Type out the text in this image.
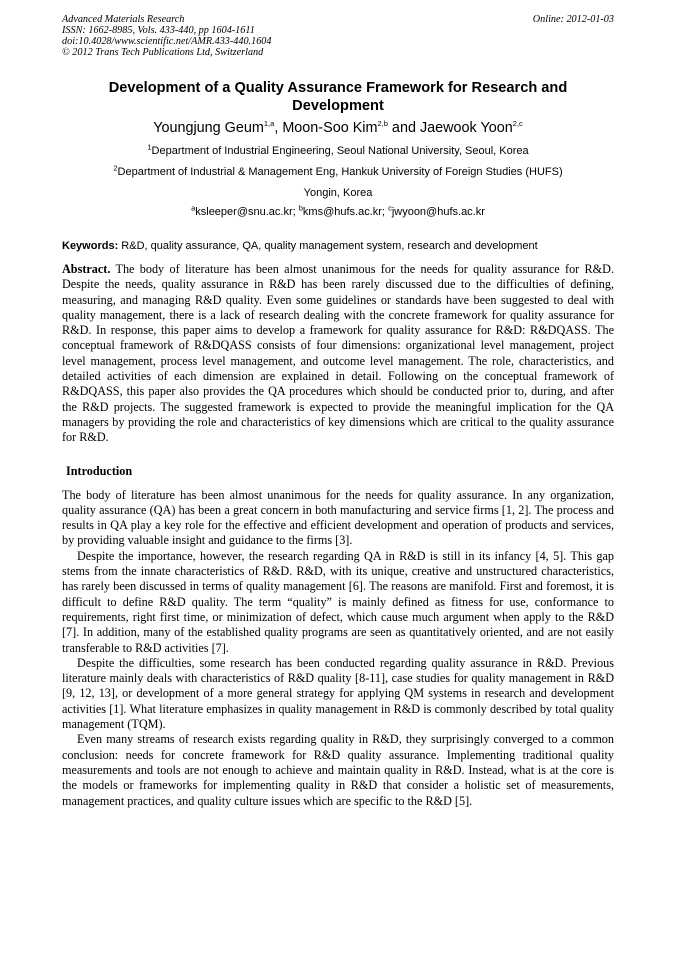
Advanced Materials Research
ISSN: 1662-8985, Vols. 433-440, pp 1604-1611
doi:10.4028/www.scientific.net/AMR.433-440.1604
© 2012 Trans Tech Publications Ltd, Switzerland
Online: 2012-01-03
Development of a Quality Assurance Framework for Research and Development
Youngjung Geum$^{1,a}$, Moon-Soo Kim$^{2,b}$ and Jaewook Yoon$^{2,c}$
$^1$Department of Industrial Engineering, Seoul National University, Seoul, Korea
$^2$Department of Industrial & Management Eng, Hankuk University of Foreign Studies (HUFS)
Yongin, Korea
$^a$ksleeper@snu.ac.kr; $^b$kms@hufs.ac.kr; $^c$jwyoon@hufs.ac.kr
Keywords: R&D, quality assurance, QA, quality management system, research and development

Abstract. The body of literature has been almost unanimous for the needs for quality assurance for R&D. Despite the needs, quality assurance in R&D has been rarely discussed due to the difficulties of defining, measuring, and managing R&D quality. Even some guidelines or standards have been suggested to deal with quality management, there is a lack of research dealing with the concrete framework for quality assurance for R&D. In response, this paper aims to develop a framework for quality assurance for R&D: R&DQASS. The conceptual framework of R&DQASS consists of four dimensions: organizational level management, project level management, process level management, and outcome level management. The role, characteristics, and detailed activities of each dimension are explained in detail. Following on the conceptual framework of R&DQASS, this paper also provides the QA procedures which should be conducted prior to, during, and after the R&D projects. The suggested framework is expected to provide the meaningful implication for the QA managers by providing the role and characteristics of key dimensions which are critical to the quality assurance for R&D.

Introduction

The body of literature has been almost unanimous for the needs for quality assurance. In any organization, quality assurance (QA) has been a great concern in both manufacturing and service firms [1, 2]. The process and results in QA play a key role for the effective and efficient development and operation of products and services, by providing valuable insight and guidance to the firms [3].

Despite the importance, however, the research regarding QA in R&D is still in its infancy [4, 5]. This gap stems from the innate characteristics of R&D. R&D, with its unique, creative and unstructured characteristics, has rarely been discussed in terms of quality management [6]. The reasons are manifold. First and foremost, it is difficult to define R&D quality. The term “quality” is mainly defined as fitness for use, conformance to requirements, right first time, or minimization of defect, which cause much argument when apply to the R&D [7]. In addition, many of the established quality programs are seen as quantitatively oriented, and are not easily transferable to R&D activities [7].

Despite the difficulties, some research has been conducted regarding quality assurance in R&D. Previous literature mainly deals with characteristics of R&D quality [8-11], case studies for quality management in R&D [9, 12, 13], or development of a more general strategy for applying QM systems in research and development activities [1]. What literature emphasizes in quality management in R&D is commonly described by total quality management (TQM).

Even many streams of research exists regarding quality in R&D, they surprisingly converged to a common conclusion: needs for concrete framework for R&D quality assurance. Implementing traditional quality measurements and tools are not enough to achieve and maintain quality in R&D. Instead, what is at the core is the models or frameworks for implementing quality in R&D that consider a holistic set of measurements, management practices, and quality culture issues which are specific to the R&D [5].
